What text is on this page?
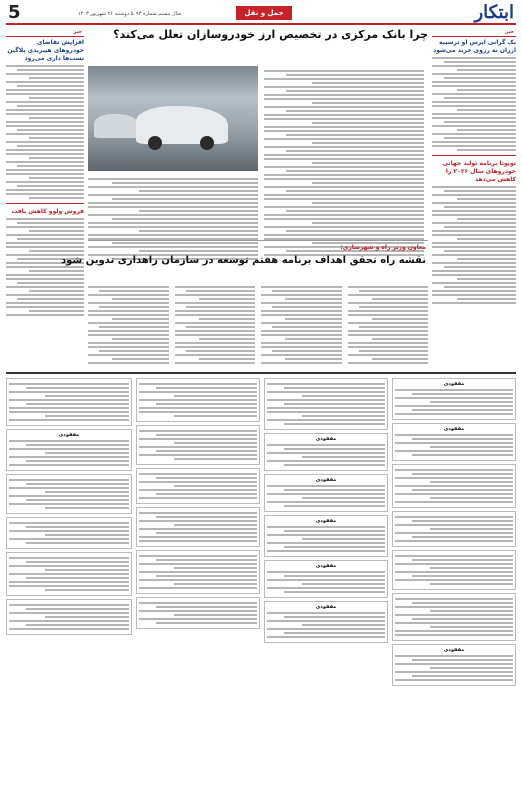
5	سال بیستم شماره ۵۰۹۳ دوشنبه ۲۶ شهریور ۱۴۰۳	حمل و نقل	ابتکار
خبر
یک گرانی اپرس او ترسیبه ازران نه رزوی خرید می‌شود
تویوتا برنامه تولید جهانی خودروهای سال ۲۰۲۶ را کاهش می‌دهد
خبر
افزایش تقاضای خودروهای هیبریدی پلاگین تست‌ها داری می‌رود
فروش ولوو کاهش یافت
چرا بانک مرکزی در تخصیص ارز خودروسازان تعلل می‌کند؟
معاون وزیر راه و شهرسازی:
نقشه راه تحقق اهداف برنامه هفتم توسعه در سازمان راهداری تدوین شود
مفقودی
مفقودی
مفقودی
مفقودی
مفقودی
مفقودی
مفقودی
مفقودی
مفقودی
